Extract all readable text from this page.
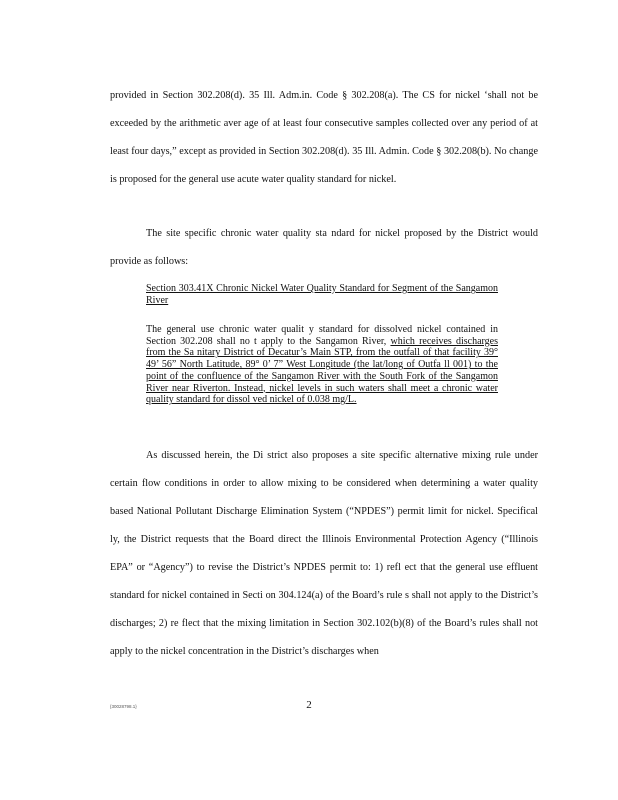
provided in Section 302.208(d). 35 Ill. Adm.in. Code § 302.208(a). The CS for nickel ‘shall not be exceeded by the arithmetic aver age of at least four consecutive samples collected over any period of at least four days,” except as provided in Section 302.208(d). 35 Ill. Admin. Code § 302.208(b). No change is proposed for the general use acute water quality standard for nickel.

The site specific chronic water quality sta ndard for nickel proposed by the District would provide as follows:

Section 303.41X Chronic Nickel Water Quality Standard for Segment of the Sangamon River

The general use chronic water qualit y standard for dissolved nickel contained in Section 302.208 shall no t apply to the Sangamon River, which receives discharges from the Sa nitary District of Decatur’s Main STP, from the outfall of that facility 39° 49’ 56” North Latitude, 89° 0’ 7” West Longitude (the lat/long of Outfa ll 001) to the point of the confluence of the Sangamon River with the South Fork of the Sangamon River near Riverton. Instead, nickel levels in such waters shall meet a chronic water quality standard for dissol ved nickel of 0.038 mg/L.

As discussed herein, the Di strict also proposes a site specific alternative mixing rule under certain flow conditions in order to allow mixing to be considered when determining a water quality based National Pollutant Discharge Elimination System (“NPDES”) permit limit for nickel. Specifical ly, the District requests that the Board direct the Illinois Environmental Protection Agency (“Illinois EPA” or “Agency”) to revise the District’s NPDES permit to: 1) refl ect that the general use effluent standard for nickel contained in Secti on 304.124(a) of the Board’s rule s shall not apply to the District’s discharges; 2) re flect that the mixing limitation in Section 302.102(b)(8) of the Board’s rules shall not apply to the nickel concentration in the District’s discharges when

{30028798.1}	2
